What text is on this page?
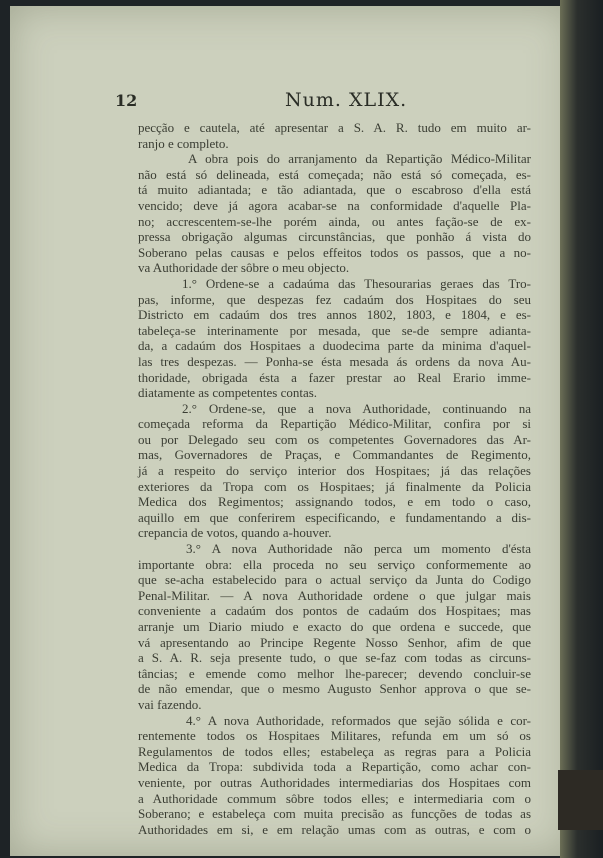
12	Num. XLIX.
pecção e cautela, até apresentar a S. A. R. tudo em muito ar-
ranjo e completo.
A obra pois do arranjamento da Repartição Médico-Militar
não está só delineada, está começada; não está só começada, es-
tá muito adiantada; e tão adiantada, que o escabroso d'ella está
vencido; deve já agora acabar-se na conformidade d'aquelle Pla-
no; accrescentem-se-lhe porém ainda, ou antes fação-se de ex-
pressa obrigação algumas circunstâncias, que ponhão á vista do
Soberano pelas causas e pelos effeitos todos os passos, que a no-
va Authoridade der sôbre o meu objecto.
1.° Ordene-se a cadaúma das Thesourarias geraes das Tro-
pas, informe, que despezas fez cadaúm dos Hospitaes do seu
Districto em cadaúm dos tres annos 1802, 1803, e 1804, e es-
tabeleça-se interinamente por mesada, que se-de sempre adianta-
da, a cadaúm dos Hospitaes a duodecima parte da minima d'aquel-
las tres despezas. — Ponha-se ésta mesada ás ordens da nova Au-
thoridade, obrigada ésta a fazer prestar ao Real Erario imme-
diatamente as competentes contas.
2.° Ordene-se, que a nova Authoridade, continuando na
começada reforma da Repartição Médico-Militar, confira por si
ou por Delegado seu com os competentes Governadores das Ar-
mas, Governadores de Praças, e Commandantes de Regimento,
já a respeito do serviço interior dos Hospitaes; já das relações
exteriores da Tropa com os Hospitaes; já finalmente da Policia
Medica dos Regimentos; assignando todos, e em todo o caso,
aquillo em que conferirem especificando, e fundamentando a dis-
crepancia de votos, quando a-houver.
3.° A nova Authoridade não perca um momento d'ésta
importante obra: ella proceda no seu serviço conformemente ao
que se-acha estabelecido para o actual serviço da Junta do Codigo
Penal-Militar. — A nova Authoridade ordene o que julgar mais
conveniente a cadaúm dos pontos de cadaúm dos Hospitaes; mas
arranje um Diario miudo e exacto do que ordena e succede, que
vá apresentando ao Principe Regente Nosso Senhor, afim de que
a S. A. R. seja presente tudo, o que se-faz com todas as circuns-
tâncias; e emende como melhor lhe-parecer; devendo concluir-se
de não emendar, que o mesmo Augusto Senhor approva o que se-
vai fazendo.
4.° A nova Authoridade, reformados que sejão sólida e cor-
rentemente todos os Hospitaes Militares, refunda em um só os
Regulamentos de todos elles; estabeleça as regras para a Policia
Medica da Tropa: subdivida toda a Repartição, como achar con-
veniente, por outras Authoridades intermediarias dos Hospitaes com
a Authoridade commum sôbre todos elles; e intermediaria com o
Soberano; e estabeleça com muita precisão as funcções de todas as
Authoridades em si, e em relação umas com as outras, e com o
